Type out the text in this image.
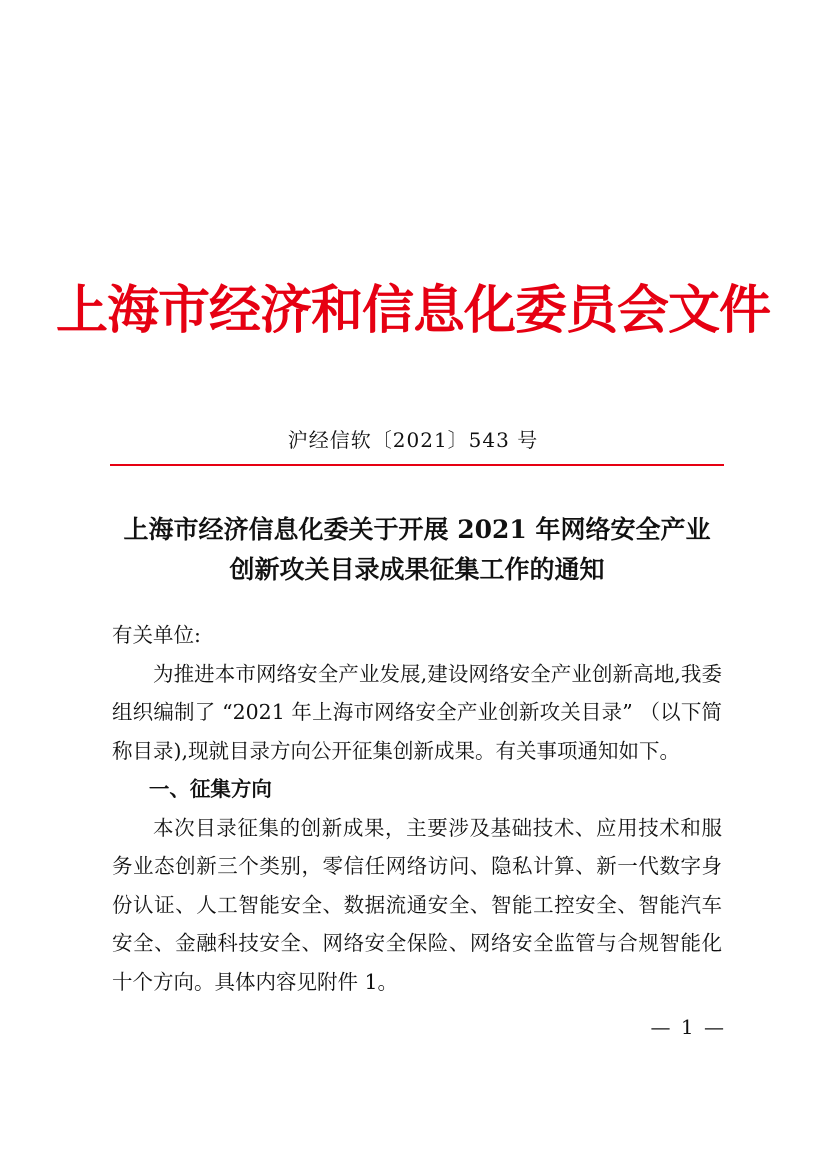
上海市经济和信息化委员会文件
沪经信软〔2021〕543 号
上海市经济信息化委关于开展 2021 年网络安全产业
创新攻关目录成果征集工作的通知

有关单位:

为推进本市网络安全产业发展,建设网络安全产业创新高地,我委组织编制了 “2021 年上海市网络安全产业创新攻关目录” （以下简称目录),现就目录方向公开征集创新成果。有关事项通知如下。

一、征集方向

本次目录征集的创新成果，主要涉及基础技术、应用技术和服务业态创新三个类别，零信任网络访问、隐私计算、新一代数字身份认证、人工智能安全、数据流通安全、智能工控安全、智能汽车安全、金融科技安全、网络安全保险、网络安全监管与合规智能化十个方向。具体内容见附件 1。

— 1 —
